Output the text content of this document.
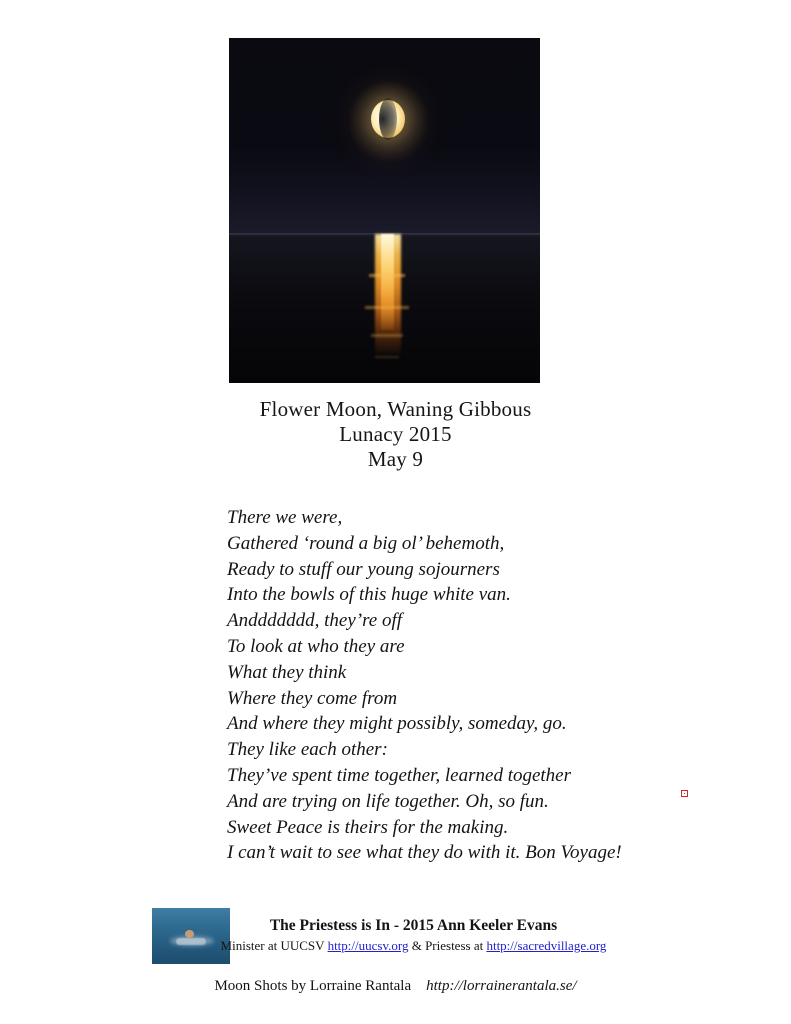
Flower Moon, Waning Gibbous
Lunacy 2015
May 9
There we were,
Gathered ‘round a big ol’ behemoth,
Ready to stuff our young sojourners
Into the bowls of this huge white van.
Anddddddd, they’re off
To look at who they are
What they think
Where they come from
And where they might possibly, someday, go.
They like each other:
They’ve spent time together, learned together
And are trying on life together. Oh, so fun.
Sweet Peace is theirs for the making.
I can’t wait to see what they do with it. Bon Voyage!
The Priestess is In - 2015 Ann Keeler Evans
Minister at UUCSV http://uucsv.org & Priestess at http://sacredvillage.org
Moon Shots by Lorraine Rantala http://lorrainerantala.se/
